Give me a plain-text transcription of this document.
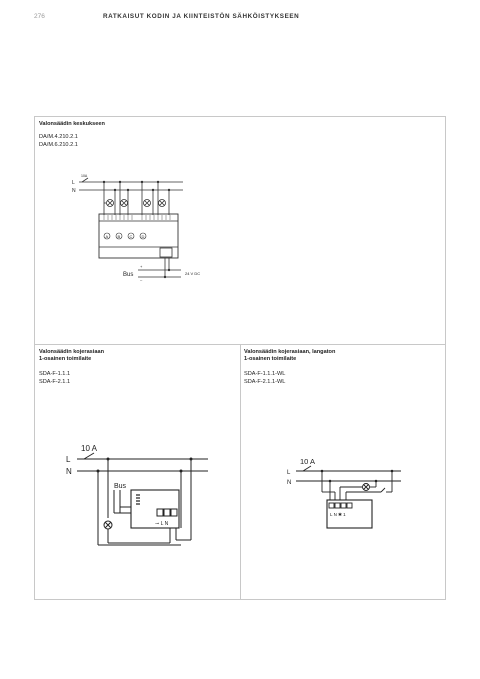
276	RATKAISUT KODIN JA KIINTEISTÖN SÄHKÖISTYKSEEN
Valonsäädin keskukseen
DA/M.4.210.2.1
DA/M.6.210.2.1
L
N
10A
A B C D
Bus
+
–
24 V DC
Valonsäädin kojerasiaan
1-osainen toimilaite
SDA-F-1.1.1
SDA-F-2.1.1
10 A
L
N
Bus
⊸ L N
Valonsäädin kojerasiaan, langaton
1-osainen toimilaite
SDA-F-1.1.1-WL
SDA-F-2.1.1-WL
10 A
L
N
L N ✱ 1
